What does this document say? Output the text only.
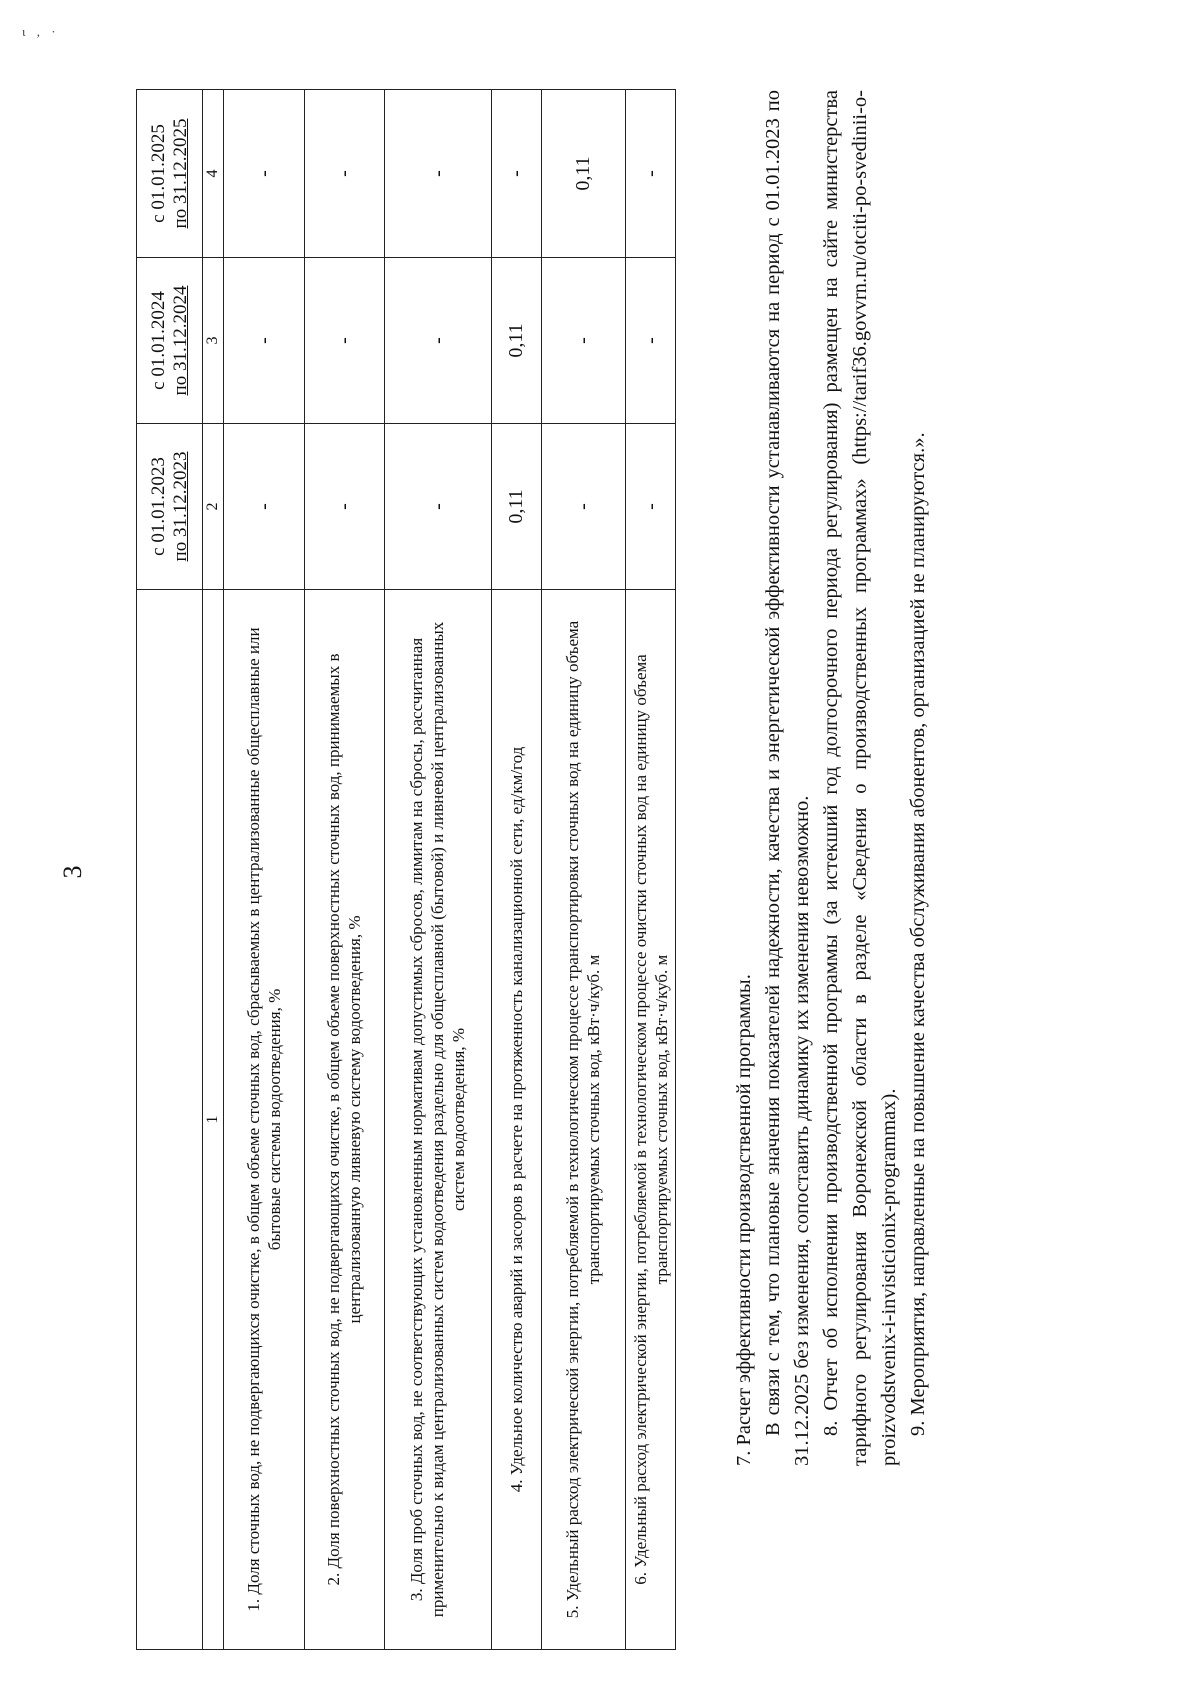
ι , ·
3
	с 01.01.2023
по 31.12.2023	с 01.01.2024
по 31.12.2024	с 01.01.2025
по 31.12.2025
1	2	3	4
1. Доля сточных вод, не подвергающихся очистке, в общем объеме сточных вод, сбрасываемых в централизованные общесплавные или бытовые системы водоотведения, %	-	-	-
2. Доля поверхностных сточных вод, не подвергающихся очистке, в общем объеме поверхностных сточных вод, принимаемых в централизованную ливневую систему водоотведения, %	-	-	-
3. Доля проб сточных вод, не соответствующих установленным нормативам допустимых сбросов, лимитам на сбросы, рассчитанная применительно к видам централизованных систем водоотведения раздельно для общесплавной (бытовой) и ливневой централизованных систем водоотведения, %	-	-	-
4. Удельное количество аварий и засоров в расчете на протяженность канализационной сети, ед/км/год	0,11	0,11	-
5. Удельный расход электрической энергии, потребляемой в технологическом процессе транспортировки сточных вод на единицу объема транспортируемых сточных вод, кВт·ч/куб. м	-	-	0,11
6. Удельный расход электрической энергии, потребляемой в технологическом процессе очистки сточных вод на единицу объема транспортируемых сточных вод, кВт·ч/куб. м	-	-	-

7. Расчет эффективности производственной программы. В связи с тем, что плановые значения показателей надежности, качества и энергетической эффективности устанавливаются на период с 01.01.2023 по 31.12.2025 без изменения, сопоставить динамику их изменения невозможно. 8. Отчет об исполнении производственной программы (за истекший год долгосрочного периода регулирования) размещен на сайте министерства тарифного регулирования Воронежской области в разделе «Сведения о производственных программах» (https://tarif36.govvrn.ru/otciti-po-svedinii-o-proizvodstvenix-i-invisticionix-programmax). 9. Мероприятия, направленные на повышение качества обслуживания абонентов, организацией не планируются.».
